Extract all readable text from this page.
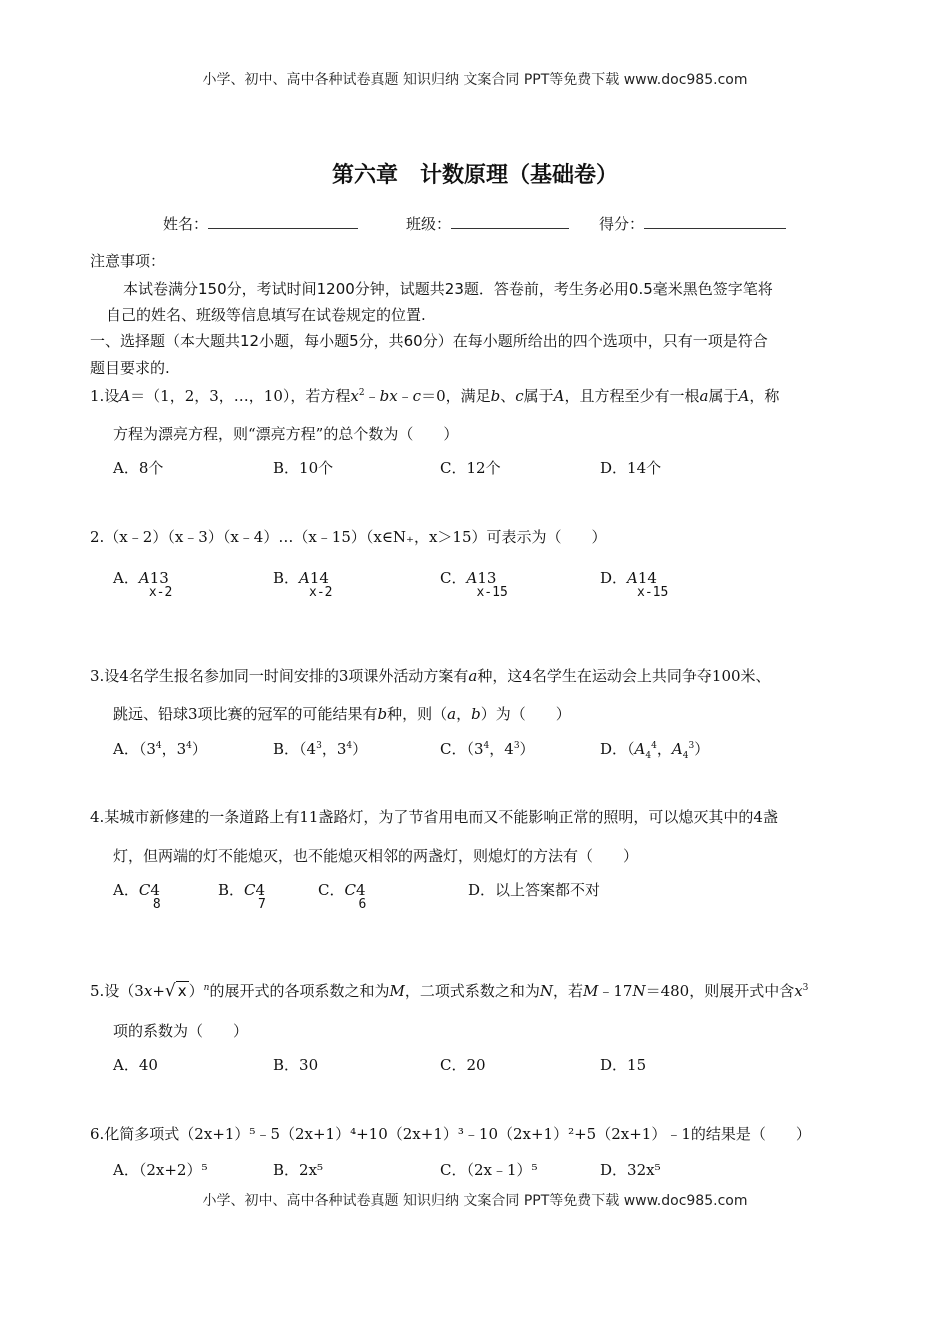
小学、初中、高中各种试卷真题 知识归纳 文案合同 PPT等免费下载 www.doc985.com
第六章　计数原理（基础卷）
姓名：	班级：	得分：
注意事项：
本试卷满分150分，考试时间1200分钟，试题共23题．答卷前，考生务必用0.5毫米黑色签字笔将
自己的姓名、班级等信息填写在试卷规定的位置.
一、选择题（本大题共12小题，每小题5分，共60分）在每小题所给出的四个选项中，只有一项是符合
题目要求的.
1.设A＝（1，2，3，…，10），若方程$x^2﹣bx﹣c=0$，满足b、c属于A，且方程至少有一根a属于A，称
方程为漂亮方程，则“漂亮方程”的总个数为（　　）
A．8个	B．10个	C．12个	D．14个
2.（x﹣2）（x﹣3）（x﹣4）…（x﹣15）（x∈N₊，x＞15）可表示为（　　）
A．A13
x-2
B．A14
x-2
C．A13
x-15
D．A14
x-15
3.设4名学生报名参加同一时间安排的3项课外活动方案有a种，这4名学生在运动会上共同争夺100米、
跳远、铅球3项比赛的冠军的可能结果有b种，则（a，b）为（　　）
A．（$3^4$，$3^4$）	B．（$4^3$，$3^4$）	C．（$3^4$，$4^3$）	D．（$A_4^4$，$A_4^3$）
4.某城市新修建的一条道路上有11盏路灯，为了节省用电而又不能影响正常的照明，可以熄灭其中的4盏
灯，但两端的灯不能熄灭，也不能熄灭相邻的两盏灯，则熄灯的方法有（　　）
A．C4
8
B．C4
7
C．C4
6
D．以上答案都不对
5.设（3x+√ x ）$^n$的展开式的各项系数之和为M，二项式系数之和为N，若M﹣17N＝480，则展开式中含$x^3$
项的系数为（　　）
A．40	B．30	C．20	D．15
6.化简多项式（2x+1）⁵﹣5（2x+1）⁴+10（2x+1）³﹣10（2x+1）²+5（2x+1）﹣1的结果是（　　）
A．（2x+2）⁵	B．2x⁵	C．（2x﹣1）⁵	D．32x⁵
小学、初中、高中各种试卷真题 知识归纳 文案合同 PPT等免费下载 www.doc985.com
